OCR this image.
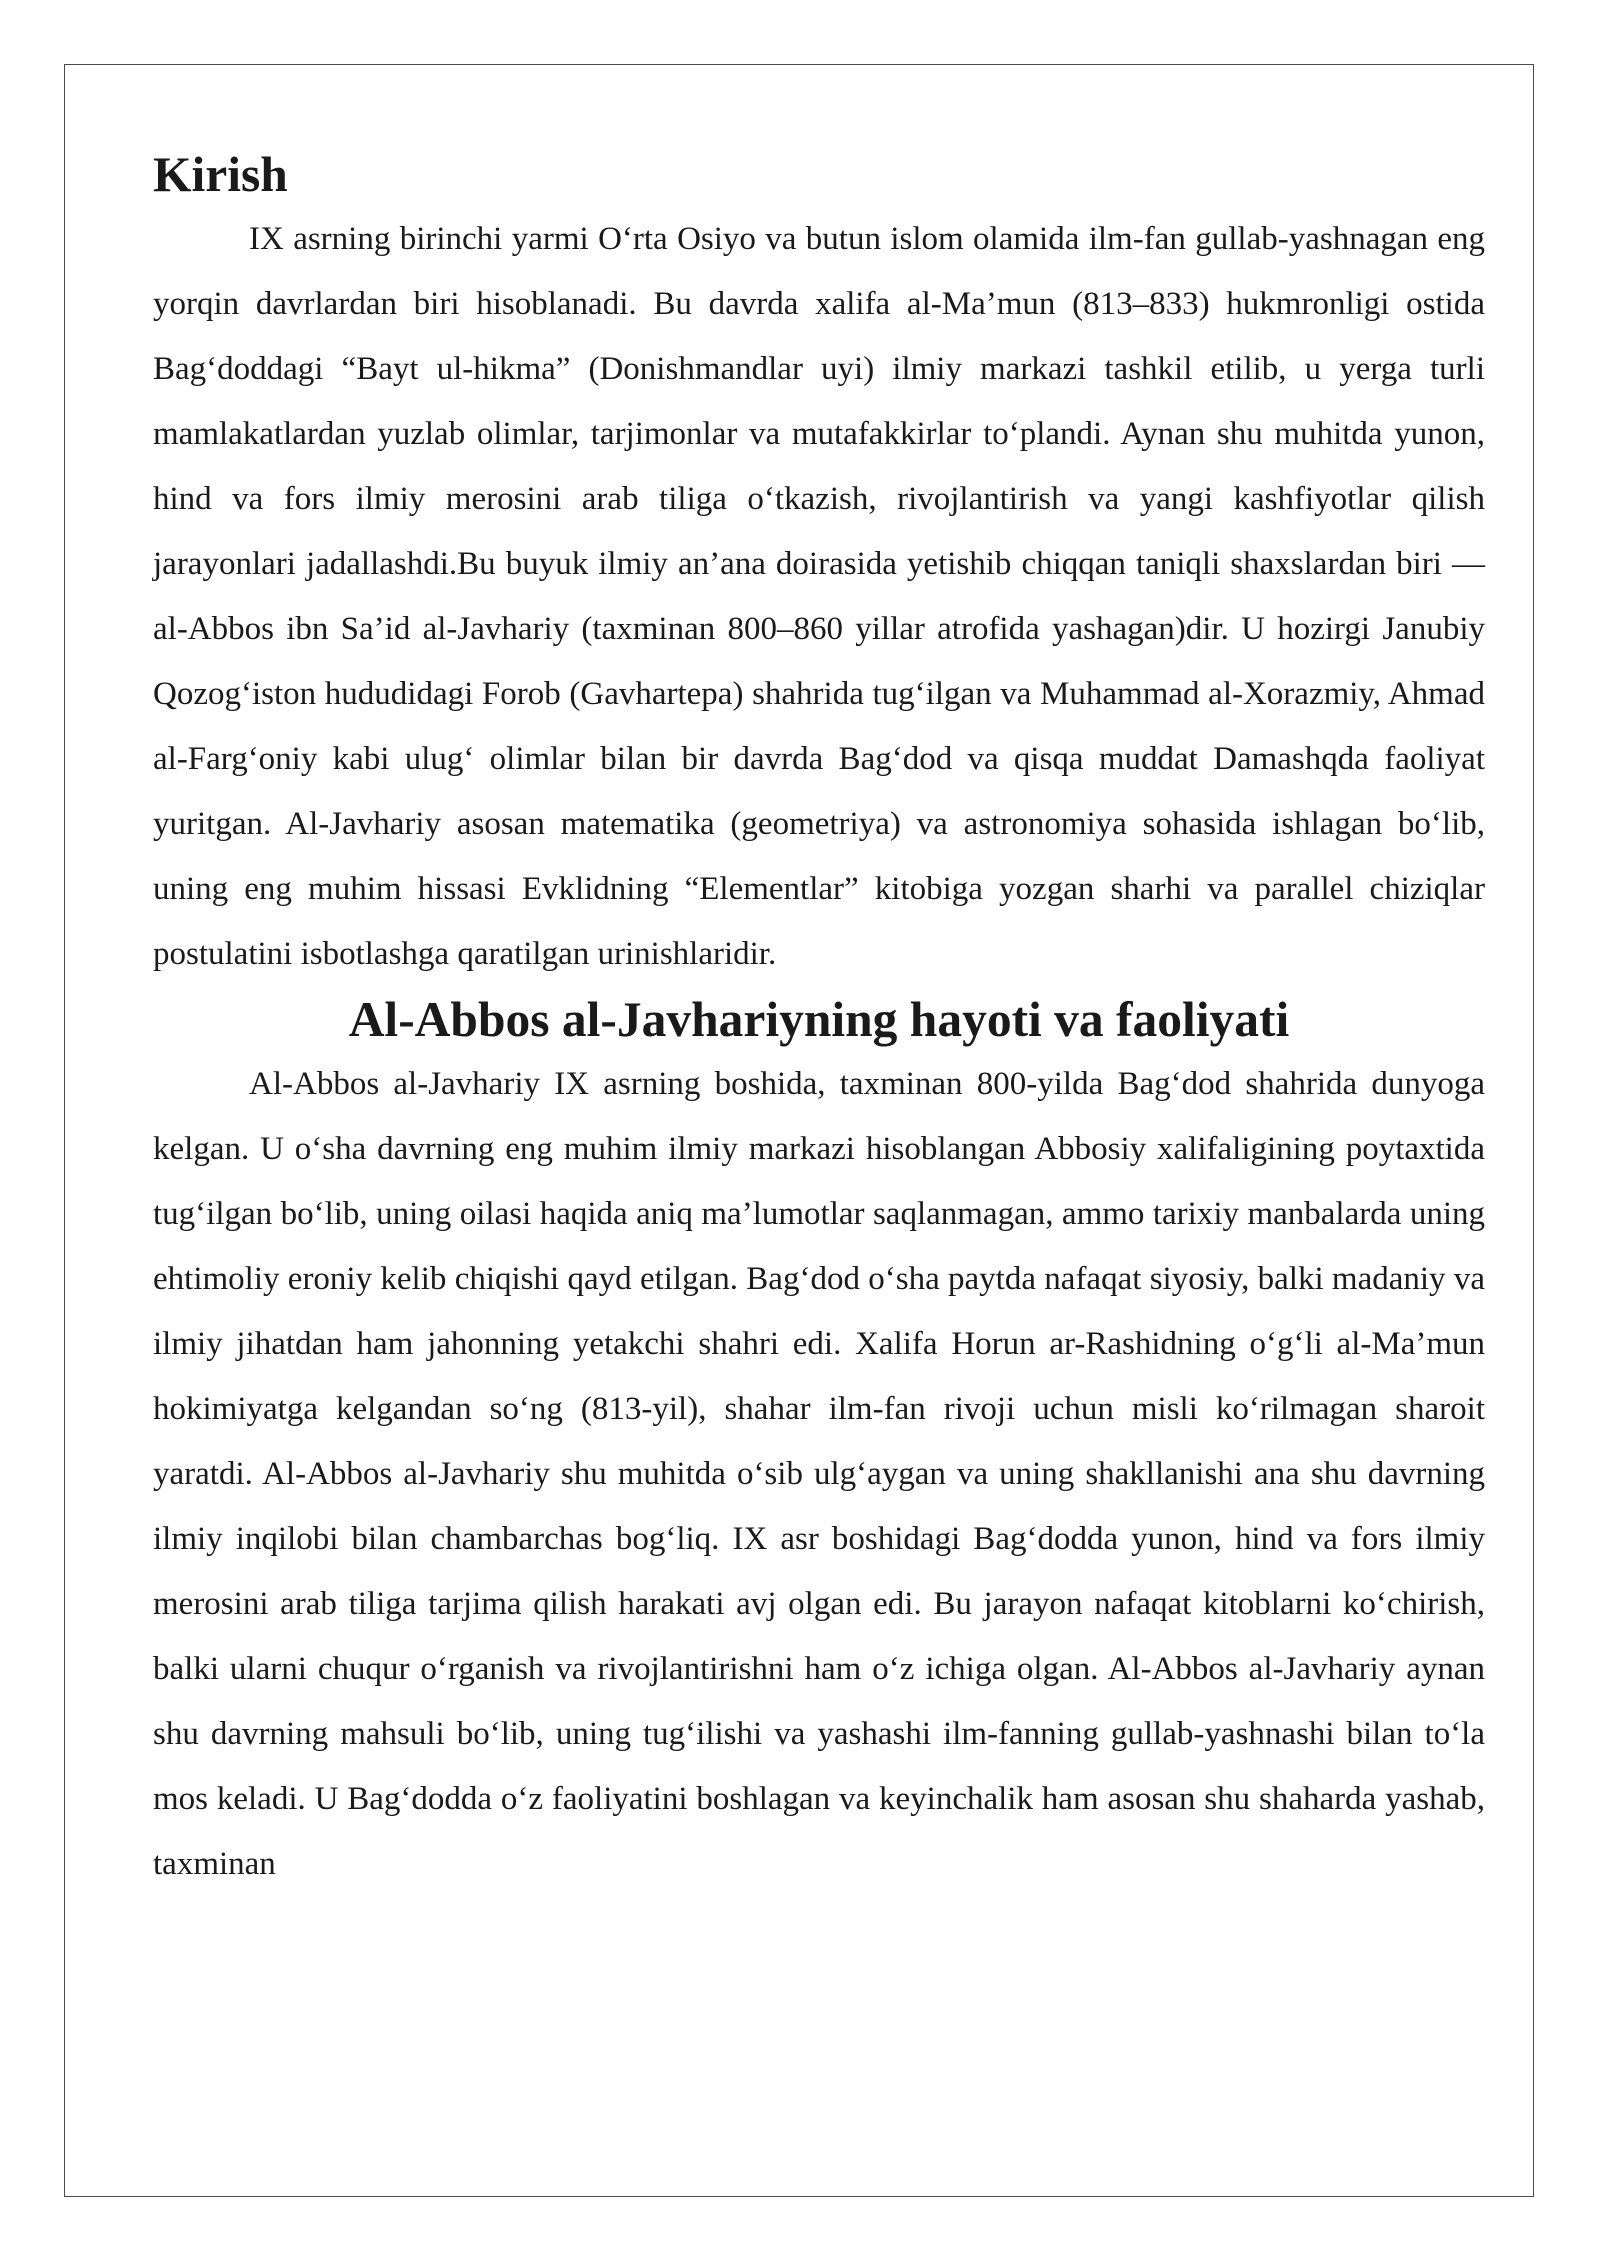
Kirish

IX asrning birinchi yarmi O‘rta Osiyo va butun islom olamida ilm-fan gullab-yashnagan eng yorqin davrlardan biri hisoblanadi. Bu davrda xalifa al-Ma’mun (813–833) hukmronligi ostida Bag‘doddagi “Bayt ul-hikma” (Donishmandlar uyi) ilmiy markazi tashkil etilib, u yerga turli mamlakatlardan yuzlab olimlar, tarjimonlar va mutafakkirlar to‘plandi. Aynan shu muhitda yunon, hind va fors ilmiy merosini arab tiliga o‘tkazish, rivojlantirish va yangi kashfiyotlar qilish jarayonlari jadallashdi.Bu buyuk ilmiy an’ana doirasida yetishib chiqqan taniqli shaxslardan biri — al-Abbos ibn Sa’id al-Javhariy (taxminan 800–860 yillar atrofida yashagan)dir. U hozirgi Janubiy Qozog‘iston hududidagi Forob (Gavhartepa) shahrida tug‘ilgan va Muhammad al-Xorazmiy, Ahmad al-Farg‘oniy kabi ulug‘ olimlar bilan bir davrda Bag‘dod va qisqa muddat Damashqda faoliyat yuritgan. Al-Javhariy asosan matematika (geometriya) va astronomiya sohasida ishlagan bo‘lib, uning eng muhim hissasi Evklidning “Elementlar” kitobiga yozgan sharhi va parallel chiziqlar postulatini isbotlashga qaratilgan urinishlaridir.

Al-Abbos al-Javhariyning hayoti va faoliyati

Al-Abbos al-Javhariy IX asrning boshida, taxminan 800-yilda Bag‘dod shahrida dunyoga kelgan. U o‘sha davrning eng muhim ilmiy markazi hisoblangan Abbosiy xalifaligining poytaxtida tug‘ilgan bo‘lib, uning oilasi haqida aniq ma’lumotlar saqlanmagan, ammo tarixiy manbalarda uning ehtimoliy eroniy kelib chiqishi qayd etilgan. Bag‘dod o‘sha paytda nafaqat siyosiy, balki madaniy va ilmiy jihatdan ham jahonning yetakchi shahri edi. Xalifa Horun ar-Rashidning o‘g‘li al-Ma’mun hokimiyatga kelgandan so‘ng (813-yil), shahar ilm-fan rivoji uchun misli ko‘rilmagan sharoit yaratdi. Al-Abbos al-Javhariy shu muhitda o‘sib ulg‘aygan va uning shakllanishi ana shu davrning ilmiy inqilobi bilan chambarchas bog‘liq. IX asr boshidagi Bag‘dodda yunon, hind va fors ilmiy merosini arab tiliga tarjima qilish harakati avj olgan edi. Bu jarayon nafaqat kitoblarni ko‘chirish, balki ularni chuqur o‘rganish va rivojlantirishni ham o‘z ichiga olgan. Al-Abbos al-Javhariy aynan shu davrning mahsuli bo‘lib, uning tug‘ilishi va yashashi ilm-fanning gullab-yashnashi bilan to‘la mos keladi. U Bag‘dodda o‘z faoliyatini boshlagan va keyinchalik ham asosan shu shaharda yashab, taxminan
